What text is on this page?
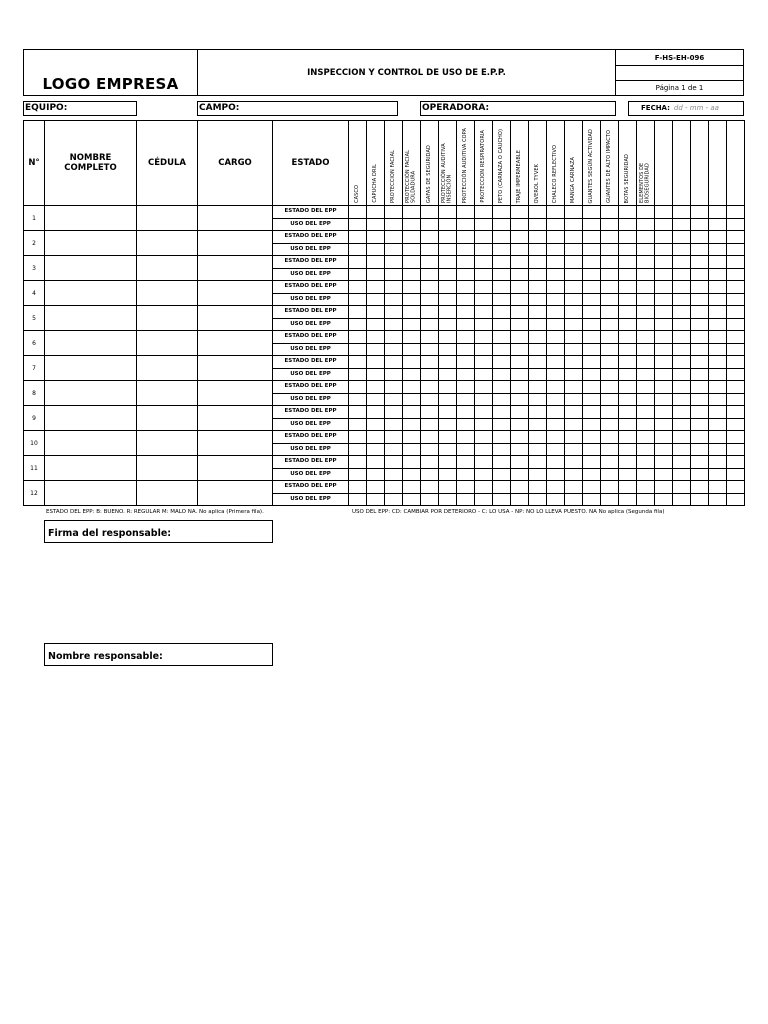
LOGO EMPRESA
INSPECCION Y CONTROL DE USO DE E.P.P.
F-HS-EH-096
Página 1 de 1
EQUIPO:	CAMPO:	OPERADORA:	FECHA: dd - mm - aa
N°	NOMBRE COMPLETO	CÉDULA	CARGO	ESTADO	CASCO	CAPUCHA DRIL	PROTECCION FACIAL	PROTECCIÓN FACIAL SOLDADURA	GAFAS DE SEGURIDAD	PROTECCIÓN AUDITIVA INSERCIÓN	PROTECCIÓN AUDITIVA COPA	PROTECCION RESPIRATORIA	PETO (CARNAZA O CAUCHO)	TRAJE IMPERMEABLE	OVEROL TYVEK	CHALECO REFLECTIVO	MANGA CARNAZA	GUANTES SEGÚN ACTIVIDAD	GUANTES DE ALTO IMPACTO	BOTAS SEGURIDAD	ELEMENTOS DE BIOSEGURIDAD					

1				ESTADO DEL EPP																						
				USO DEL EPP																						
2				ESTADO DEL EPP																						
				USO DEL EPP																						
3				ESTADO DEL EPP																						
				USO DEL EPP																						
4				ESTADO DEL EPP																						
				USO DEL EPP																						
5				ESTADO DEL EPP																						
				USO DEL EPP																						
6				ESTADO DEL EPP																						
				USO DEL EPP																						
7				ESTADO DEL EPP																						
				USO DEL EPP																						
8				ESTADO DEL EPP																						
				USO DEL EPP																						
9				ESTADO DEL EPP																						
				USO DEL EPP																						
10				ESTADO DEL EPP																						
				USO DEL EPP																						
11				ESTADO DEL EPP																						
				USO DEL EPP																						
12				ESTADO DEL EPP																						
				USO DEL EPP																						
ESTADO DEL EPP: B: BUENO. R: REGULAR M: MALO NA. No aplica (Primera fila).	USO DEL EPP: CD: CAMBIAR POR DETERIORO - C: LO USA - NP: NO LO LLEVA PUESTO. NA No aplica (Segunda fila)
Firma del responsable:
Nombre responsable:
